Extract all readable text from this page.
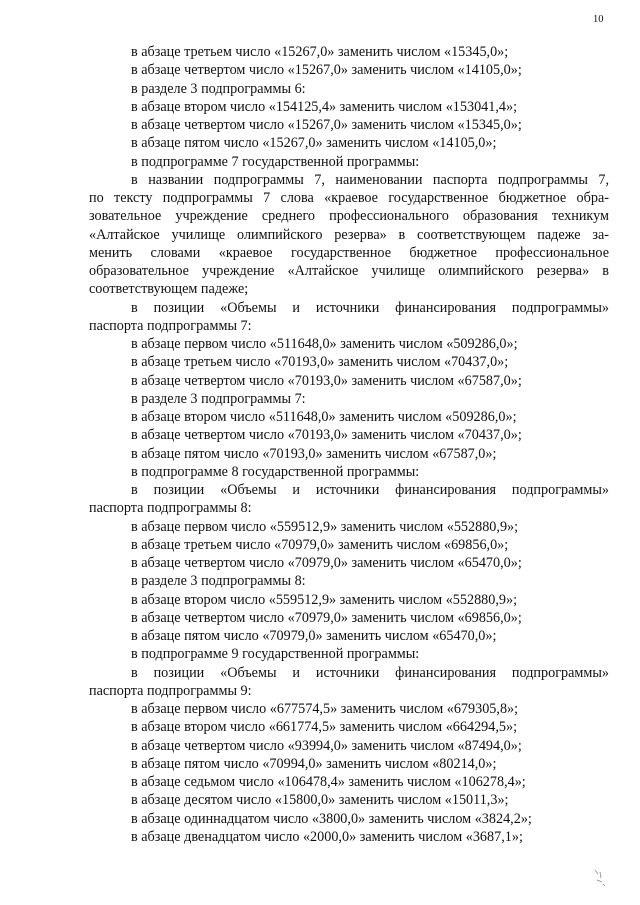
10
в абзаце третьем число «15267,0» заменить числом «15345,0»;
в абзаце четвертом число «15267,0» заменить числом «14105,0»;
в разделе 3 подпрограммы 6:
в абзаце втором число «154125,4» заменить числом «153041,4»;
в абзаце четвертом число «15267,0» заменить числом «15345,0»;
в абзаце пятом число «15267,0» заменить числом «14105,0»;
в подпрограмме 7 государственной программы:
в названии подпрограммы 7, наименовании паспорта подпрограммы 7,
по тексту подпрограммы 7 слова «краевое государственное бюджетное обра-
зовательное учреждение среднего профессионального образования техникум
«Алтайское училище олимпийского резерва» в соответствующем падеже за-
менить словами «краевое государственное бюджетное профессиональное
образовательное учреждение «Алтайское училище олимпийского резерва» в
соответствующем падеже;
в позиции «Объемы и источники финансирования подпрограммы»
паспорта подпрограммы 7:
в абзаце первом число «511648,0» заменить числом «509286,0»;
в абзаце третьем число «70193,0» заменить числом «70437,0»;
в абзаце четвертом число «70193,0» заменить числом «67587,0»;
в разделе 3 подпрограммы 7:
в абзаце втором число «511648,0» заменить числом «509286,0»;
в абзаце четвертом число «70193,0» заменить числом «70437,0»;
в абзаце пятом число «70193,0» заменить числом «67587,0»;
в подпрограмме 8 государственной программы:
в позиции «Объемы и источники финансирования подпрограммы»
паспорта подпрограммы 8:
в абзаце первом число «559512,9» заменить числом «552880,9»;
в абзаце третьем число «70979,0» заменить числом «69856,0»;
в абзаце четвертом число «70979,0» заменить числом «65470,0»;
в разделе 3 подпрограммы 8:
в абзаце втором число «559512,9» заменить числом «552880,9»;
в абзаце четвертом число «70979,0» заменить числом «69856,0»;
в абзаце пятом число «70979,0» заменить числом «65470,0»;
в подпрограмме 9 государственной программы:
в позиции «Объемы и источники финансирования подпрограммы»
паспорта подпрограммы 9:
в абзаце первом число «677574,5» заменить числом «679305,8»;
в абзаце втором число «661774,5» заменить числом «664294,5»;
в абзаце четвертом число «93994,0» заменить числом «87494,0»;
в абзаце пятом число «70994,0» заменить числом «80214,0»;
в абзаце седьмом число «106478,4» заменить числом «106278,4»;
в абзаце десятом число «15800,0» заменить числом «15011,3»;
в абзаце одиннадцатом число «3800,0» заменить числом «3824,2»;
в абзаце двенадцатом число «2000,0» заменить числом «3687,1»;
